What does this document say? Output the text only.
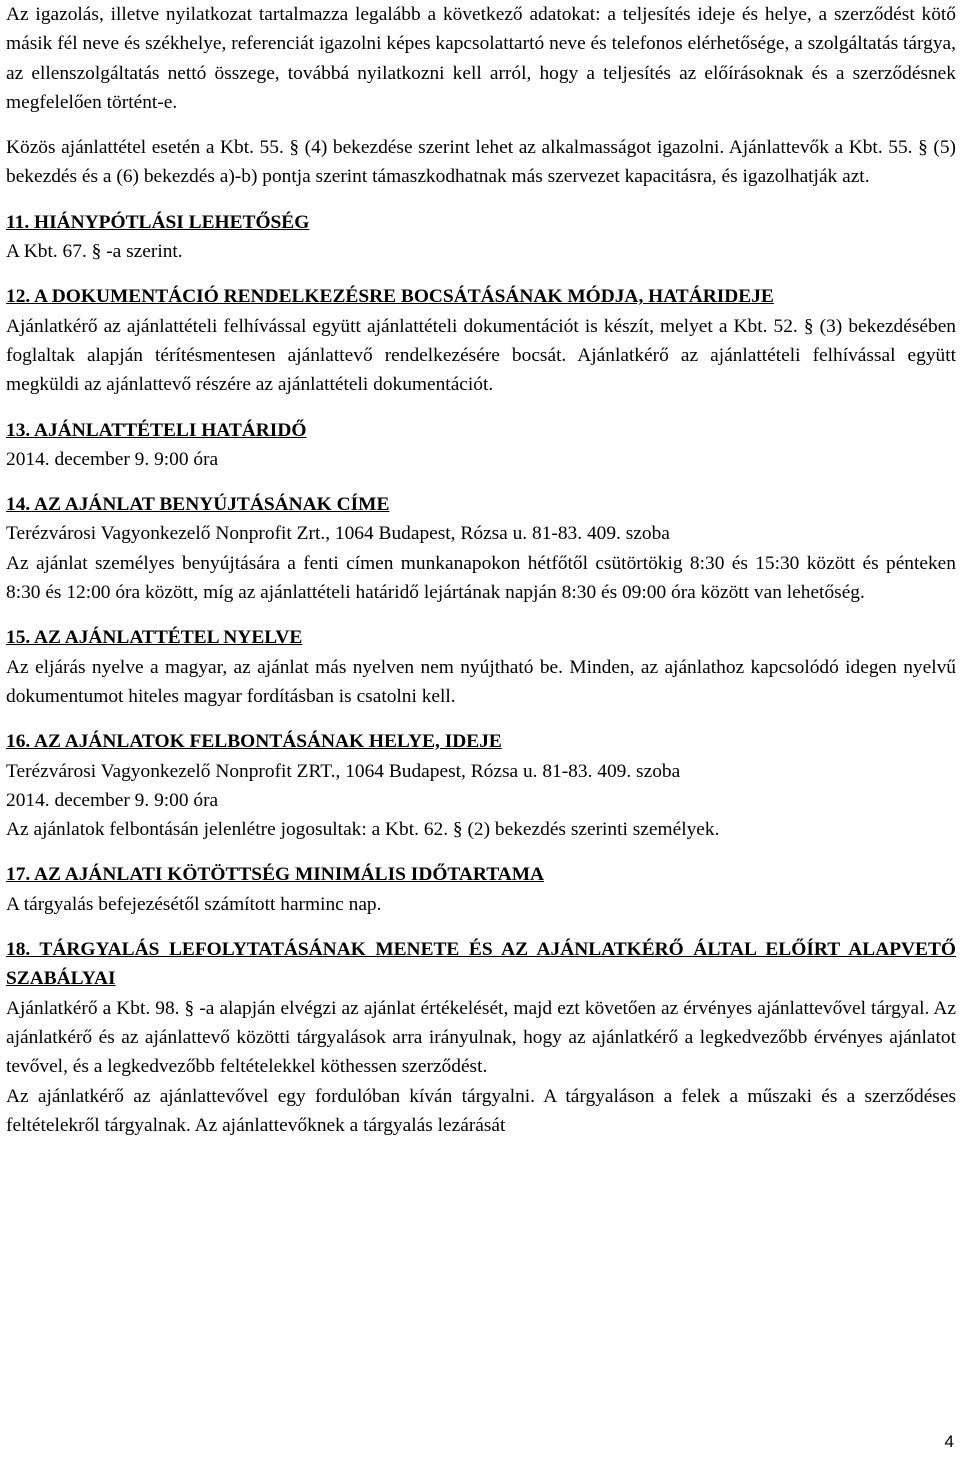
Az igazolás, illetve nyilatkozat tartalmazza legalább a következő adatokat: a teljesítés ideje és helye, a szerződést kötő másik fél neve és székhelye, referenciát igazolni képes kapcsolattartó neve és telefonos elérhetősége, a szolgáltatás tárgya, az ellenszolgáltatás nettó összege, továbbá nyilatkozni kell arról, hogy a teljesítés az előírásoknak és a szerződésnek megfelelően történt-e.

Közös ajánlattétel esetén a Kbt. 55. § (4) bekezdése szerint lehet az alkalmasságot igazolni. Ajánlattevők a Kbt. 55. § (5) bekezdés és a (6) bekezdés a)-b) pontja szerint támaszkodhatnak más szervezet kapacitásra, és igazolhatják azt.

11. HIÁNYPÓTLÁSI LEHETŐSÉG

A Kbt. 67. § -a szerint.

12. A DOKUMENTÁCIÓ RENDELKEZÉSRE BOCSÁTÁSÁNAK MÓDJA, HATÁRIDEJE

Ajánlatkérő az ajánlattételi felhívással együtt ajánlattételi dokumentációt is készít, melyet a Kbt. 52. § (3) bekezdésében foglaltak alapján térítésmentesen ajánlattevő rendelkezésére bocsát. Ajánlatkérő az ajánlattételi felhívással együtt megküldi az ajánlattevő részére az ajánlattételi dokumentációt.

13. AJÁNLATTÉTELI HATÁRIDŐ

2014. december 9. 9:00 óra

14. AZ AJÁNLAT BENYÚJTÁSÁNAK CÍME

Terézvárosi Vagyonkezelő Nonprofit Zrt., 1064 Budapest, Rózsa u. 81-83. 409. szoba

Az ajánlat személyes benyújtására a fenti címen munkanapokon hétfőtől csütörtökig 8:30 és 15:30 között és pénteken 8:30 és 12:00 óra között, míg az ajánlattételi határidő lejártának napján 8:30 és 09:00 óra között van lehetőség.

15. AZ AJÁNLATTÉTEL NYELVE

Az eljárás nyelve a magyar, az ajánlat más nyelven nem nyújtható be. Minden, az ajánlathoz kapcsolódó idegen nyelvű dokumentumot hiteles magyar fordításban is csatolni kell.

16. AZ AJÁNLATOK FELBONTÁSÁNAK HELYE, IDEJE

Terézvárosi Vagyonkezelő Nonprofit ZRT., 1064 Budapest, Rózsa u. 81-83. 409. szoba

2014. december 9. 9:00 óra

Az ajánlatok felbontásán jelenlétre jogosultak: a Kbt. 62. § (2) bekezdés szerinti személyek.

17. AZ AJÁNLATI KÖTÖTTSÉG MINIMÁLIS IDŐTARTAMA

A tárgyalás befejezésétől számított harminc nap.

18. TÁRGYALÁS LEFOLYTATÁSÁNAK MENETE ÉS AZ AJÁNLATKÉRŐ ÁLTAL ELŐÍRT ALAPVETŐ SZABÁLYAI

Ajánlatkérő a Kbt. 98. § -a alapján elvégzi az ajánlat értékelését, majd ezt követően az érvényes ajánlattevővel tárgyal. Az ajánlatkérő és az ajánlattevő közötti tárgyalások arra irányulnak, hogy az ajánlatkérő a legkedvezőbb érvényes ajánlatot tevővel, és a legkedvezőbb feltételekkel köthessen szerződést.

Az ajánlatkérő az ajánlattevővel egy fordulóban kíván tárgyalni. A tárgyaláson a felek a műszaki és a szerződéses feltételekről tárgyalnak. Az ajánlattevőknek a tárgyalás lezárását

4
